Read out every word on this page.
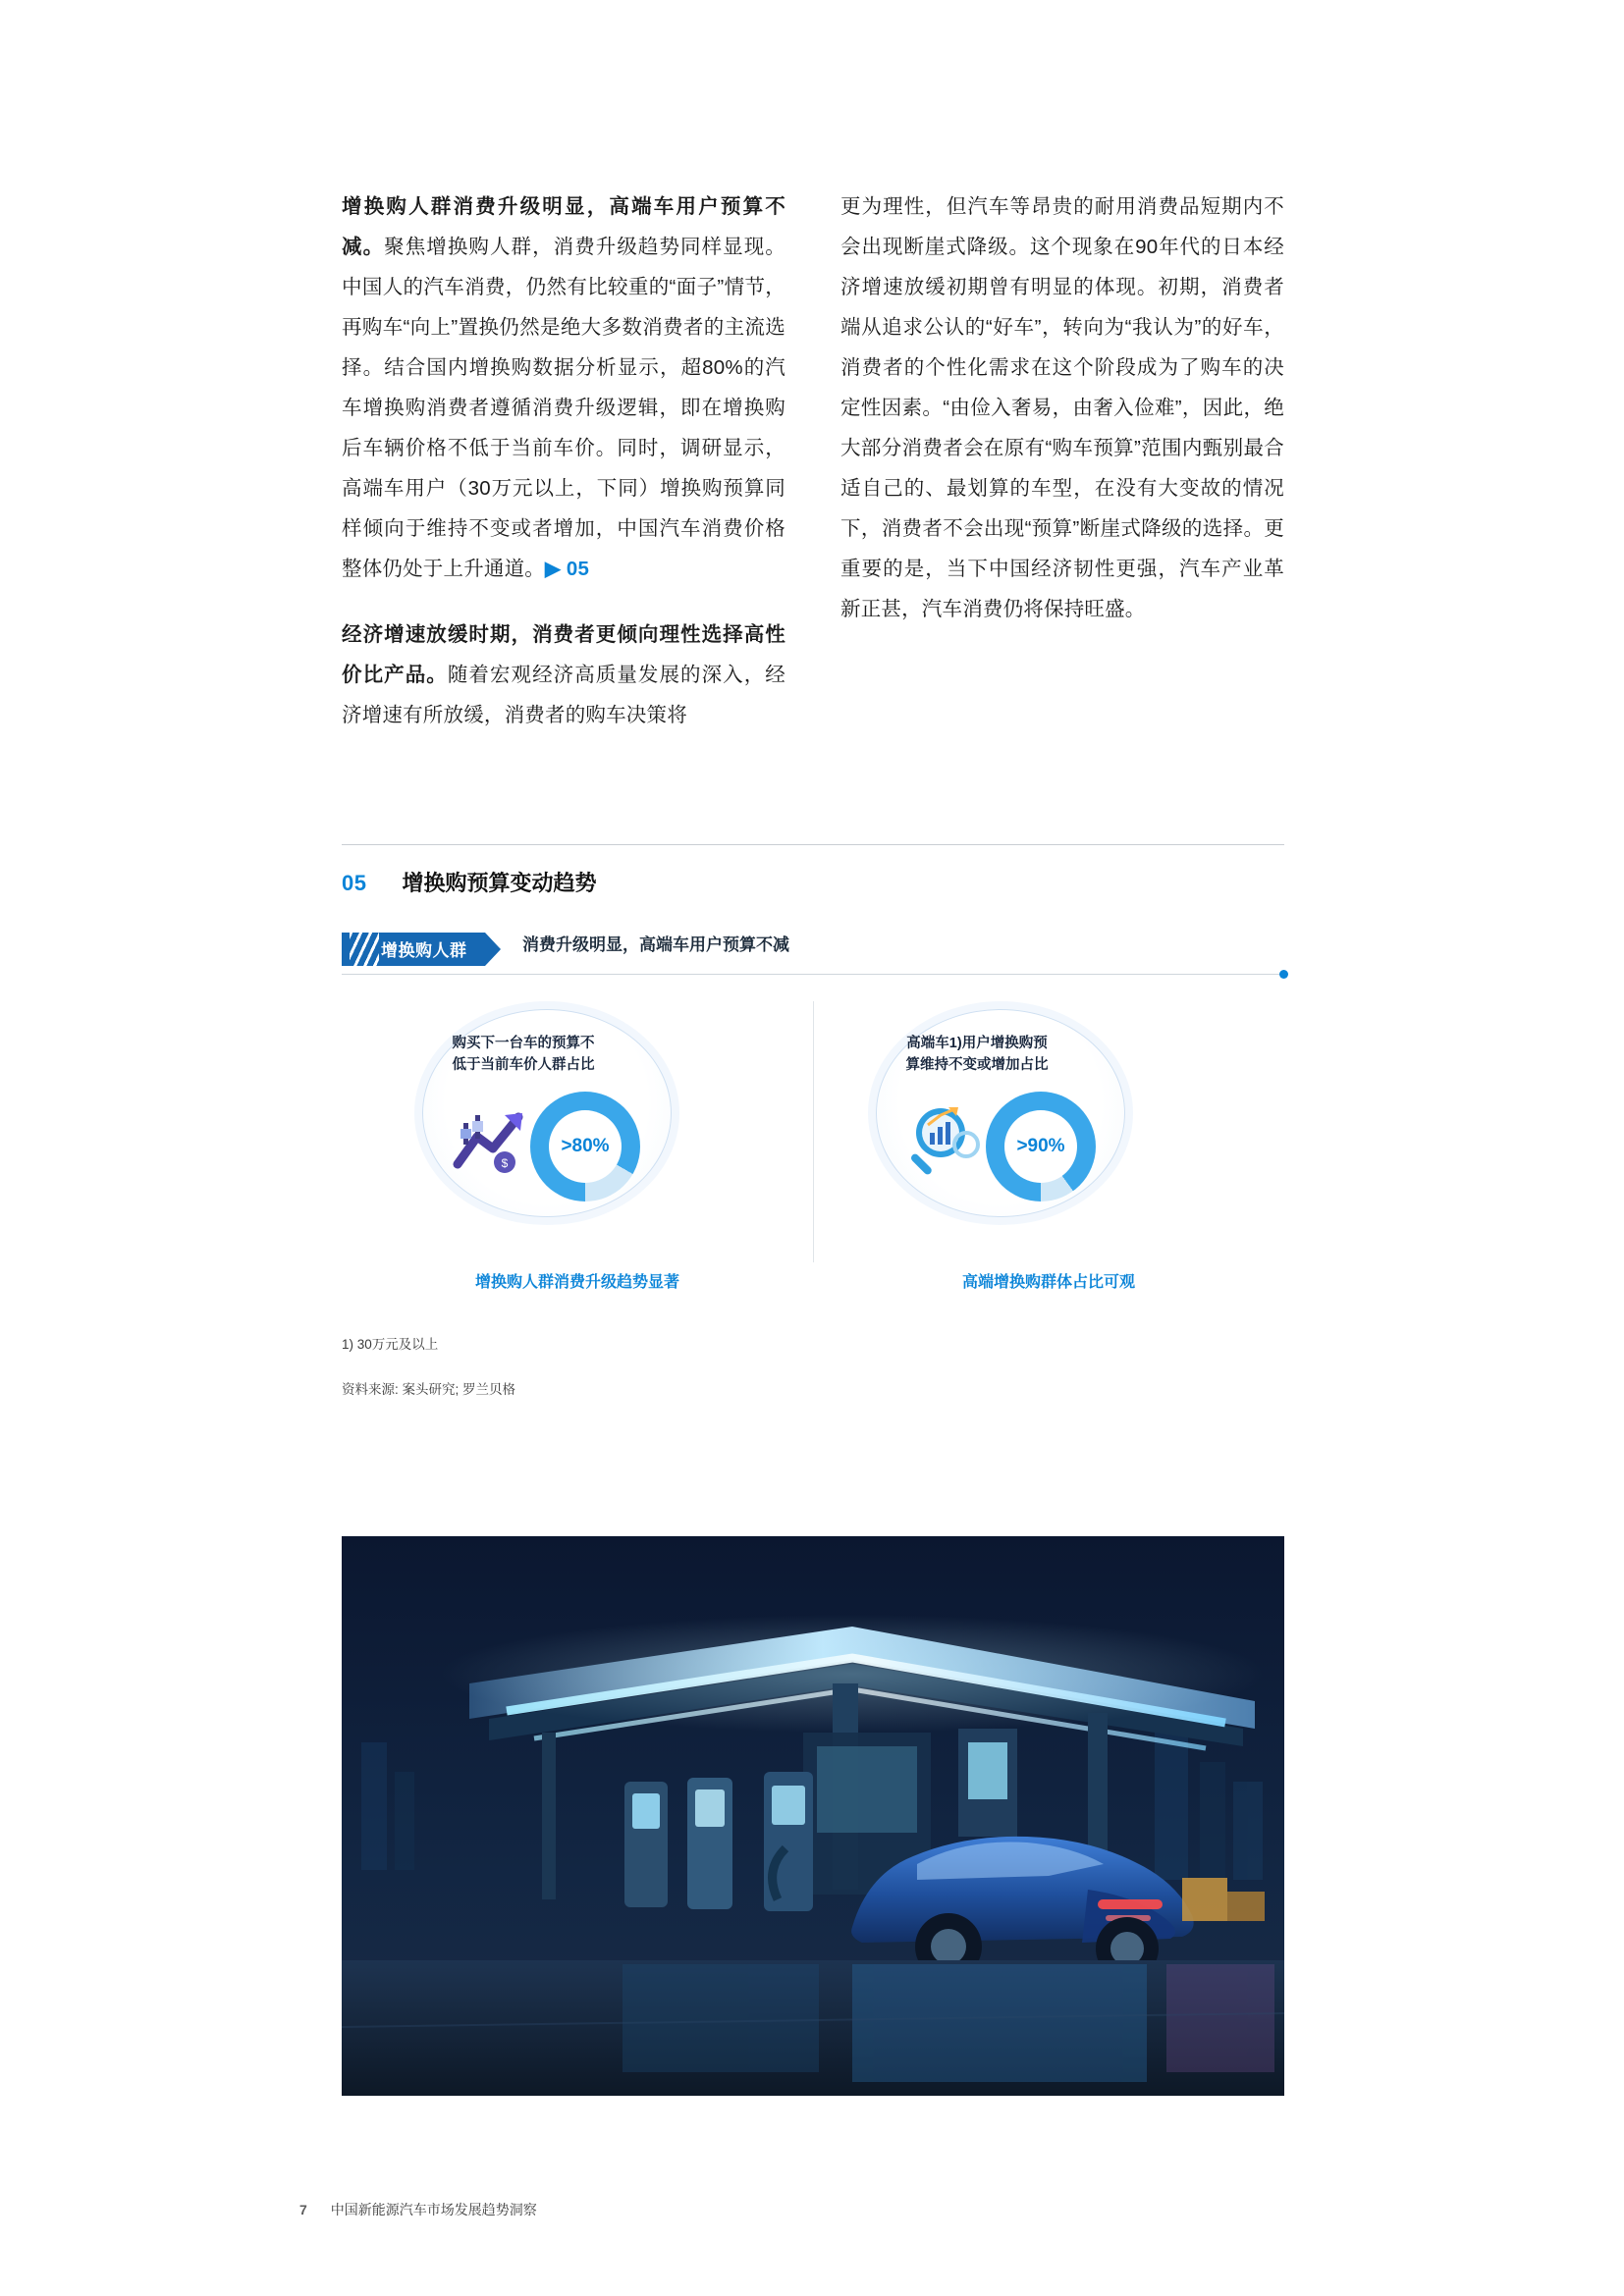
增换购人群消费升级明显，高端车用户预算不减。聚焦增换购人群，消费升级趋势同样显现。中国人的汽车消费，仍然有比较重的“面子”情节，再购车“向上”置换仍然是绝大多数消费者的主流选择。结合国内增换购数据分析显示，超80%的汽车增换购消费者遵循消费升级逻辑，即在增换购后车辆价格不低于当前车价。同时，调研显示，高端车用户（30万元以上，下同）增换购预算同样倾向于维持不变或者增加，中国汽车消费价格整体仍处于上升通道。▶ 05

经济增速放缓时期，消费者更倾向理性选择高性价比产品。随着宏观经济高质量发展的深入，经济增速有所放缓，消费者的购车决策将

更为理性，但汽车等昂贵的耐用消费品短期内不会出现断崖式降级。这个现象在90年代的日本经济增速放缓初期曾有明显的体现。初期，消费者端从追求公认的“好车”，转向为“我认为”的好车，消费者的个性化需求在这个阶段成为了购车的决定性因素。“由俭入奢易，由奢入俭难”，因此，绝大部分消费者会在原有“购车预算”范围内甄别最合适自己的、最划算的车型，在没有大变故的情况下，消费者不会出现“预算”断崖式降级的选择。更重要的是，当下中国经济韧性更强，汽车产业革新正甚，汽车消费仍将保持旺盛。

05 增换购预算变动趋势
增换购人群	消费升级明显，高端车用户预算不减
购买下一台车的预算不低于当前车价人群占比
$
>80%
增换购人群消费升级趋势显著
高端车1)用户增换购预算维持不变或增加占比
>90%
高端增换购群体占比可观
1) 30万元及以上
资料来源: 案头研究; 罗兰贝格
7 中国新能源汽车市场发展趋势洞察
